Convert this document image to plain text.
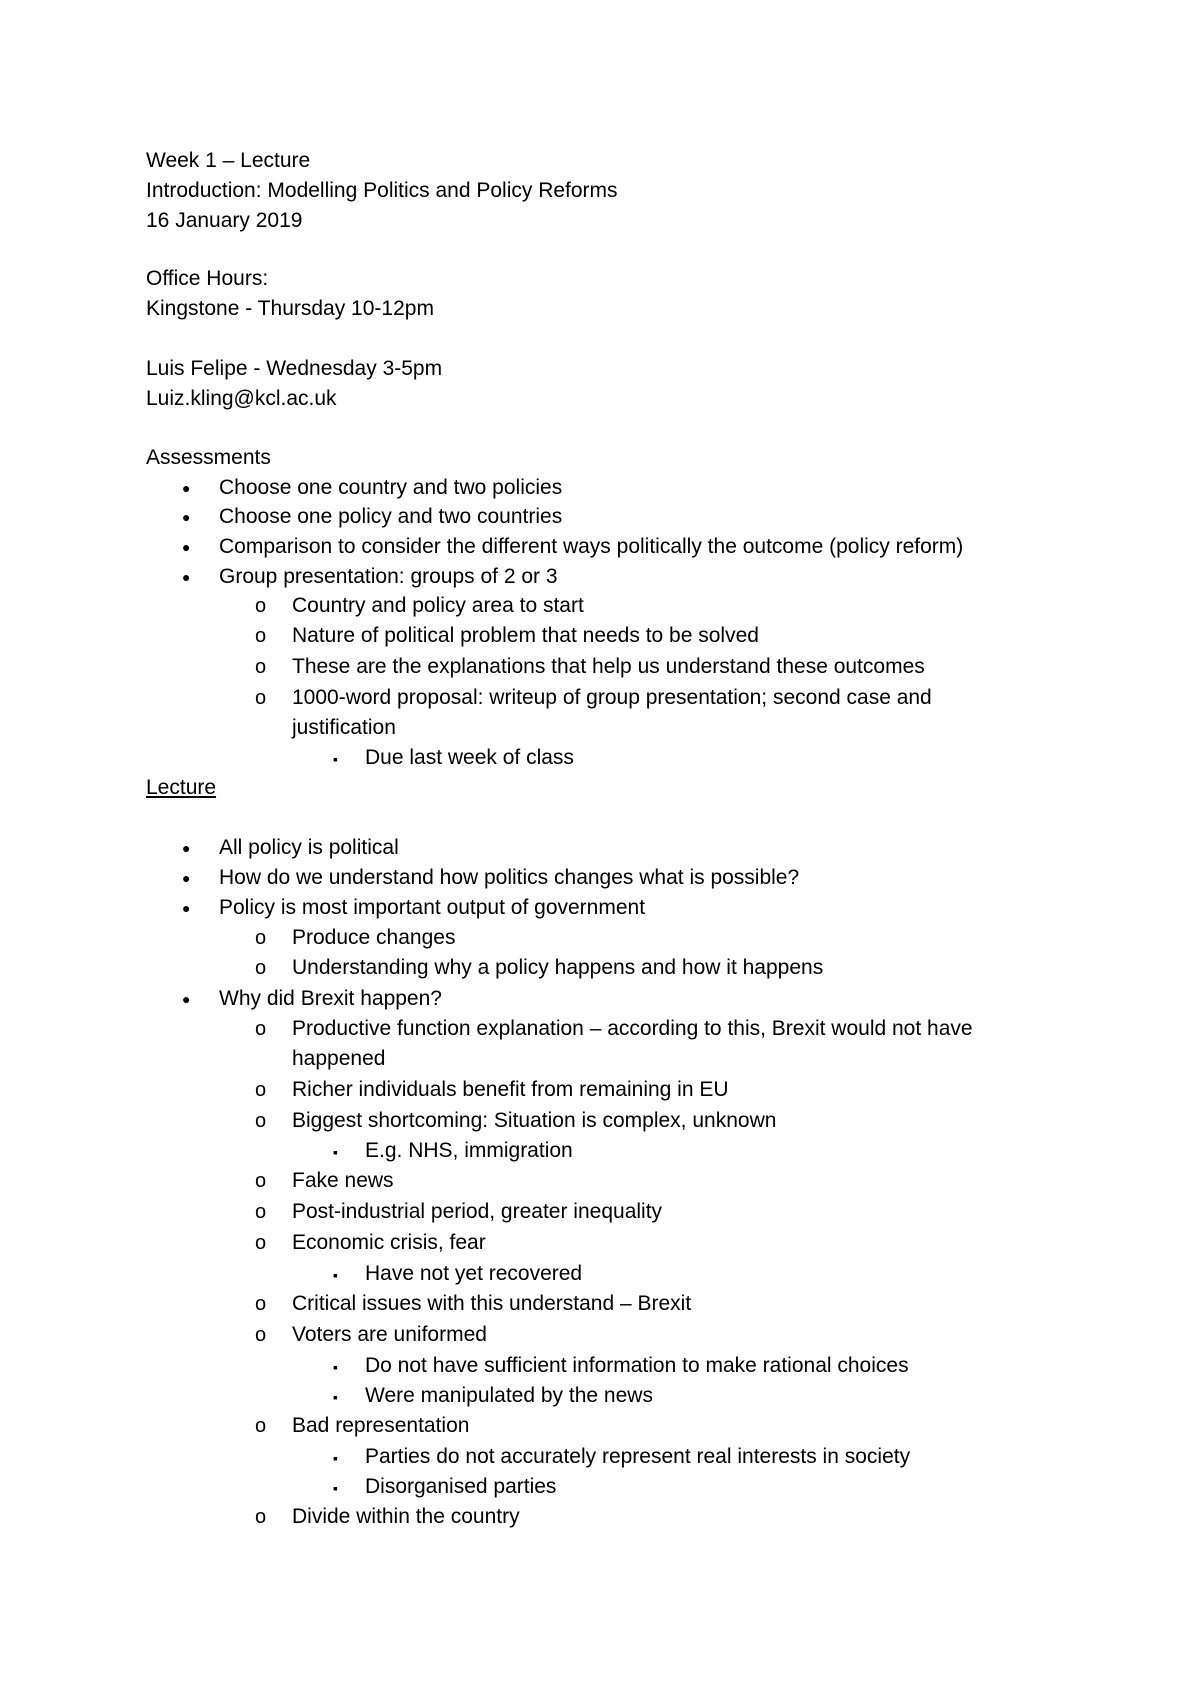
Week 1 – Lecture
Introduction: Modelling Politics and Policy Reforms
16 January 2019
Office Hours:
Kingstone - Thursday 10-12pm
Luis Felipe - Wednesday 3-5pm
Luiz.kling@kcl.ac.uk
Assessments
● Choose one country and two policies
● Choose one policy and two countries
● Comparison to consider the different ways politically the outcome (policy reform)
● Group presentation: groups of 2 or 3
o Country and policy area to start
o Nature of political problem that needs to be solved
o These are the explanations that help us understand these outcomes
o 1000-word proposal: writeup of group presentation; second case and
justification
▪ Due last week of class
Lecture
● All policy is political
● How do we understand how politics changes what is possible?
● Policy is most important output of government
o Produce changes
o Understanding why a policy happens and how it happens
● Why did Brexit happen?
o Productive function explanation – according to this, Brexit would not have
happened
o Richer individuals benefit from remaining in EU
o Biggest shortcoming: Situation is complex, unknown
▪ E.g. NHS, immigration
o Fake news
o Post-industrial period, greater inequality
o Economic crisis, fear
▪ Have not yet recovered
o Critical issues with this understand – Brexit
o Voters are uniformed
▪ Do not have sufficient information to make rational choices
▪ Were manipulated by the news
o Bad representation
▪ Parties do not accurately represent real interests in society
▪ Disorganised parties
o Divide within the country
